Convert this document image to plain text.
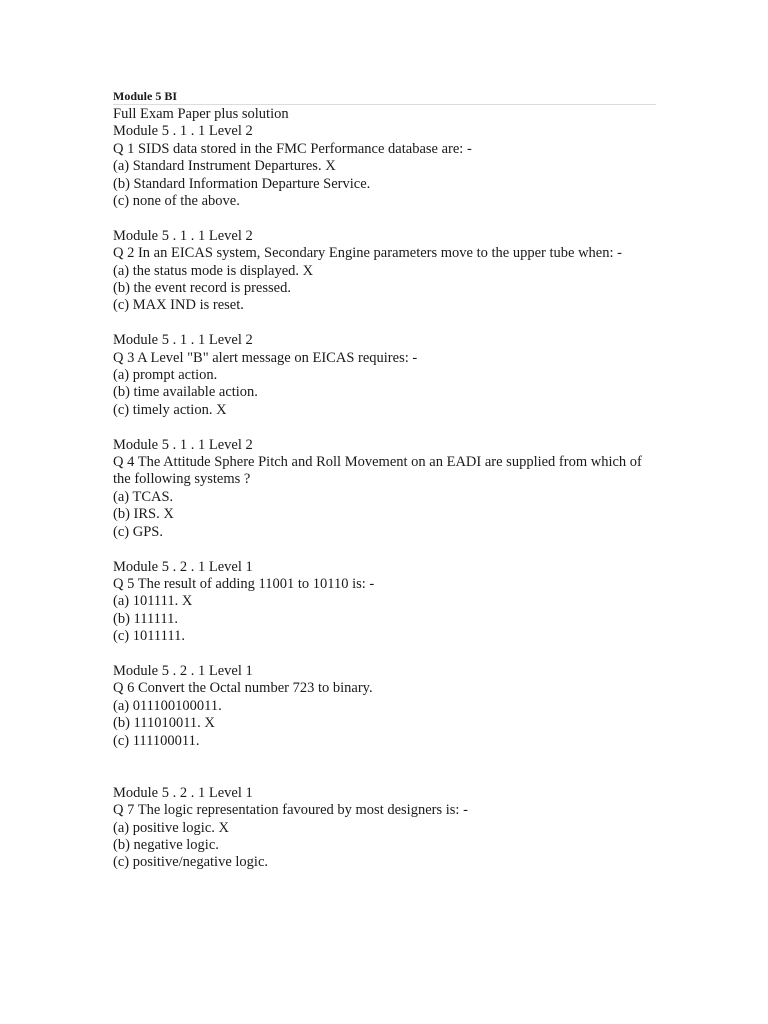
Module 5 BI

Full Exam Paper plus solution

Module 5 . 1 . 1 Level 2

Q 1 SIDS data stored in the FMC Performance database are: -

(a) Standard Instrument Departures. X

(b) Standard Information Departure Service.

(c) none of the above.

Module 5 . 1 . 1 Level 2

Q 2 In an EICAS system, Secondary Engine parameters move to the upper tube when: -

(a) the status mode is displayed. X

(b) the event record is pressed.

(c) MAX IND is reset.

Module 5 . 1 . 1 Level 2

Q 3 A Level "B" alert message on EICAS requires: -

(a) prompt action.

(b) time available action.

(c) timely action. X

Module 5 . 1 . 1 Level 2

Q 4 The Attitude Sphere Pitch and Roll Movement on an EADI are supplied from which of the following systems ?

(a) TCAS.

(b) IRS. X

(c) GPS.

Module 5 . 2 . 1 Level 1

Q 5 The result of adding 11001 to 10110 is: -

(a) 101111. X

(b) 111111.

(c) 1011111.

Module 5 . 2 . 1 Level 1

Q 6 Convert the Octal number 723 to binary.

(a) 011100100011.

(b) 111010011. X

(c) 111100011.

Module 5 . 2 . 1 Level 1

Q 7 The logic representation favoured by most designers is: -

(a) positive logic. X

(b) negative logic.

(c) positive/negative logic.
